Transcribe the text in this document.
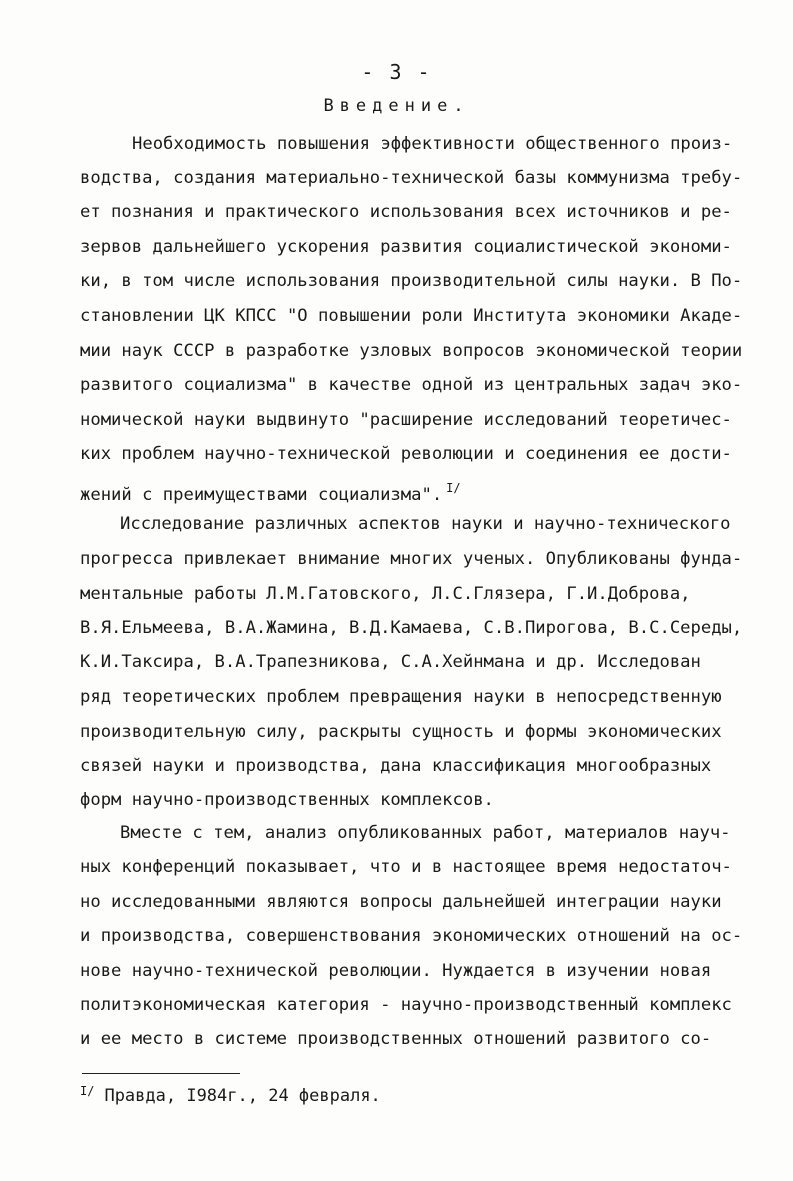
- 3 -
Введение.
Необходимость повышения эффективности общественного произ-
водства, создания материально-технической базы коммунизма требу-
ет познания и практического использования всех источников и ре-
зервов дальнейшего ускорения развития социалистической экономи-
ки, в том числе использования производительной силы науки. В По-
становлении ЦК КПСС "О повышении роли Института экономики Акаде-
мии наук СССР в разработке узловых вопросов экономической теории
развитого социализма" в качестве одной из центральных задач эко-
номической науки выдвинуто "расширение исследований теоретичес-
ких проблем научно-технической революции и соединения ее дости-
жений с преимуществами социализма". $^{I/}$
Исследование различных аспектов науки и научно-технического
прогресса привлекает внимание многих ученых. Опубликованы фунда-
ментальные работы Л.М.Гатовского, Л.С.Глязера, Г.И.Доброва,
В.Я.Ельмеева, В.А.Жамина, В.Д.Камаева, С.В.Пирогова, В.С.Середы,
К.И.Таксира, В.А.Трапезникова, С.А.Хейнмана и др. Исследован
ряд теоретических проблем превращения науки в непосредственную
производительную силу, раскрыты сущность и формы экономических
связей науки и производства, дана классификация многообразных
форм научно-производственных комплексов.
Вместе с тем, анализ опубликованных работ, материалов науч-
ных конференций показывает, что и в настоящее время недостаточ-
но исследованными являются вопросы дальнейшей интеграции науки
и производства, совершенствования экономических отношений на ос-
нове научно-технической революции. Нуждается в изучении новая
политэкономическая категория - научно-производственный комплекс
и ее место в системе производственных отношений развитого со-
$^{I/}$ Правда, I984г., 24 февраля.
